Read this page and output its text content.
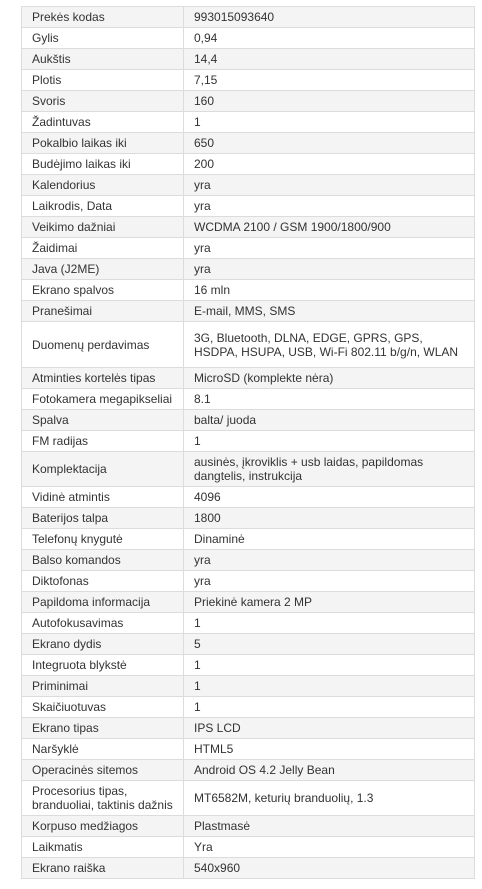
Prekės kodas	993015093640
Gylis	0,94
Aukštis	14,4
Plotis	7,15
Svoris	160
Žadintuvas	1
Pokalbio laikas iki	650
Budėjimo laikas iki	200
Kalendorius	yra
Laikrodis, Data	yra
Veikimo dažniai	WCDMA 2100 / GSM 1900/1800/900
Žaidimai	yra
Java (J2ME)	yra
Ekrano spalvos	16 mln
Pranešimai	E-mail, MMS, SMS
Duomenų perdavimas	3G, Bluetooth, DLNA, EDGE, GPRS, GPS, HSDPA, HSUPA, USB, Wi-Fi 802.11 b/g/n, WLAN
Atminties kortelės tipas	MicroSD (komplekte nėra)
Fotokamera megapikseliai	8.1
Spalva	balta/ juoda
FM radijas	1
Komplektacija	ausinės, įkroviklis + usb laidas, papildomas dangtelis, instrukcija
Vidinė atmintis	4096
Baterijos talpa	1800
Telefonų knygutė	Dinaminė
Balso komandos	yra
Diktofonas	yra
Papildoma informacija	Priekinė kamera 2 MP
Autofokusavimas	1
Ekrano dydis	5
Integruota blykstė	1
Priminimai	1
Skaičiuotuvas	1
Ekrano tipas	IPS LCD
Naršyklė	HTML5
Operacinės sitemos	Android OS 4.2 Jelly Bean
Procesorius tipas, branduoliai, taktinis dažnis	MT6582M, keturių branduolių, 1.3
Korpuso medžiagos	Plastmasė
Laikmatis	Yra
Ekrano raiška	540x960
